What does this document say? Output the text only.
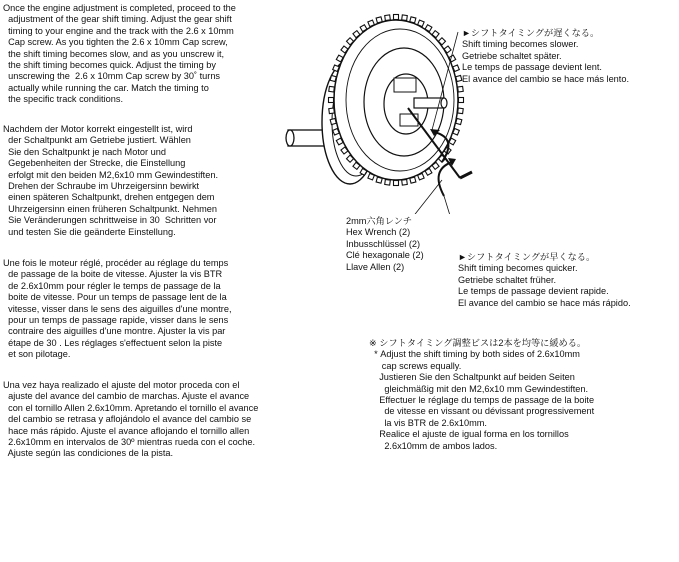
Once the engine adjustment is completed, proceed to the
adjustment of the gear shift timing. Adjust the gear shift
timing to your engine and the track with the 2.6 x 10mm
Cap screw. As you tighten the 2.6 x 10mm Cap screw,
the shift timing becomes slow, and as you unscrew it,
the shift timing becomes quick. Adjust the timing by
unscrewing the  2.6 x 10mm Cap screw by 30˚ turns
actually while running the car. Match the timing to
the specific track conditions.
Nachdem der Motor korrekt eingestellt ist, wird
der Schaltpunkt am Getriebe justiert. Wählen
Sie den Schaltpunkt je nach Motor und
Gegebenheiten der Strecke, die Einstellung
erfolgt mit den beiden M2,6x10 mm Gewindestiften.
Drehen der Schraube im Uhrzeigersinn bewirkt
einen späteren Schaltpunkt, drehen entgegen dem
Uhrzeigersinn einen früheren Schaltpunkt. Nehmen
Sie Veränderungen schrittweise in 30  Schritten vor
und testen Sie die geänderte Einstellung.
Une fois le moteur réglé, procéder au réglage du temps
de passage de la boite de vitesse. Ajuster la vis BTR
de 2.6x10mm pour régler le temps de passage de la
boite de vitesse. Pour un temps de passage lent de la
vitesse, visser dans le sens des aiguilles d'une montre,
pour un temps de passage rapide, visser dans le sens
contraire des aiguilles d'une montre. Ajuster la vis par
étape de 30 . Les réglages s'effectuent selon la piste
et son pilotage.
Una vez haya realizado el ajuste del motor proceda con el
ajuste del avance del cambio de marchas. Ajuste el avance
con el tornillo Allen 2.6x10mm. Apretando el tornillo el avance
del cambio se retrasa y aflojándolo el avance del cambio se
hace más rápido. Ajuste el avance aflojando el tornillo allen
2.6x10mm en intervalos de 30º mientras rueda con el coche.
Ajuste según las condiciones de la pista.
►シフトタイミングが遅くなる。
Shift timing becomes slower.
Getriebe schaltet später.
Le temps de passage devient lent.
El avance del cambio se hace más lento.
2mm六角レンチ
Hex Wrench (2)
Inbusschlüssel (2)
Clé hexagonale (2)
Llave Allen (2)
►シフトタイミングが早くなる。
Shift timing becomes quicker.
Getriebe schaltet früher.
Le temps de passage devient rapide.
El avance del cambio se hace más rápido.
※ シフトタイミング調整ビスは2本を均等に緩める。
* Adjust the shift timing by both sides of 2.6x10mm
cap screws equally.
Justieren Sie den Schaltpunkt auf beiden Seiten
gleichmäßig mit den M2,6x10 mm Gewindestiften.
Effectuer le réglage du temps de passage de la boite
de vitesse en vissant ou dévissant progressivement
la vis BTR de 2.6x10mm.
Realice el ajuste de igual forma en los tornillos
2.6x10mm de ambos lados.
